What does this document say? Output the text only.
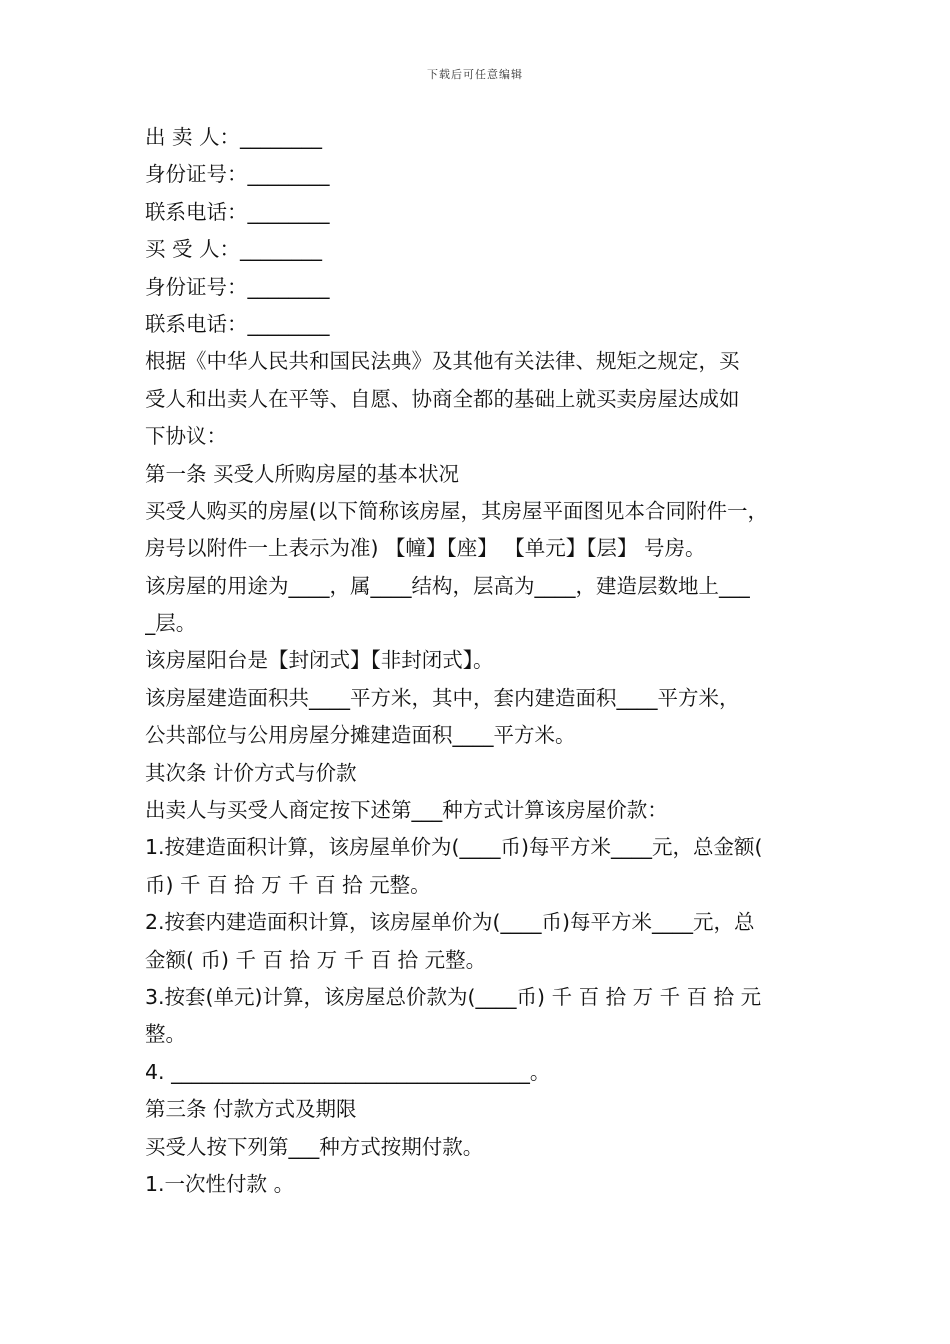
下载后可任意编辑
出 卖 人：________
身份证号：________
联系电话：________
买 受 人：________
身份证号：________
联系电话：________
根据《中华人民共和国民法典》及其他有关法律、规矩之规定，买
受人和出卖人在平等、自愿、协商全都的基础上就买卖房屋达成如
下协议：
第一条 买受人所购房屋的基本状况
买受人购买的房屋(以下简称该房屋，其房屋平面图见本合同附件一，
房号以附件一上表示为准) 【幢】【座】 【单元】【层】 号房。
该房屋的用途为____，属____结构，层高为____，建造层数地上___
_层。
该房屋阳台是【封闭式】【非封闭式】。
该房屋建造面积共____平方米，其中，套内建造面积____平方米，
公共部位与公用房屋分摊建造面积____平方米。
其次条 计价方式与价款
出卖人与买受人商定按下述第___种方式计算该房屋价款：
1.按建造面积计算，该房屋单价为(____币)每平方米____元，总金额(
币) 千 百 拾 万 千 百 拾 元整。
2.按套内建造面积计算，该房屋单价为(____币)每平方米____元，总
金额( 币) 千 百 拾 万 千 百 拾 元整。
3.按套(单元)计算，该房屋总价款为(____币) 千 百 拾 万 千 百 拾 元
整。
4. ___________________________________。
第三条 付款方式及期限
买受人按下列第___种方式按期付款。
1.一次性付款 。
